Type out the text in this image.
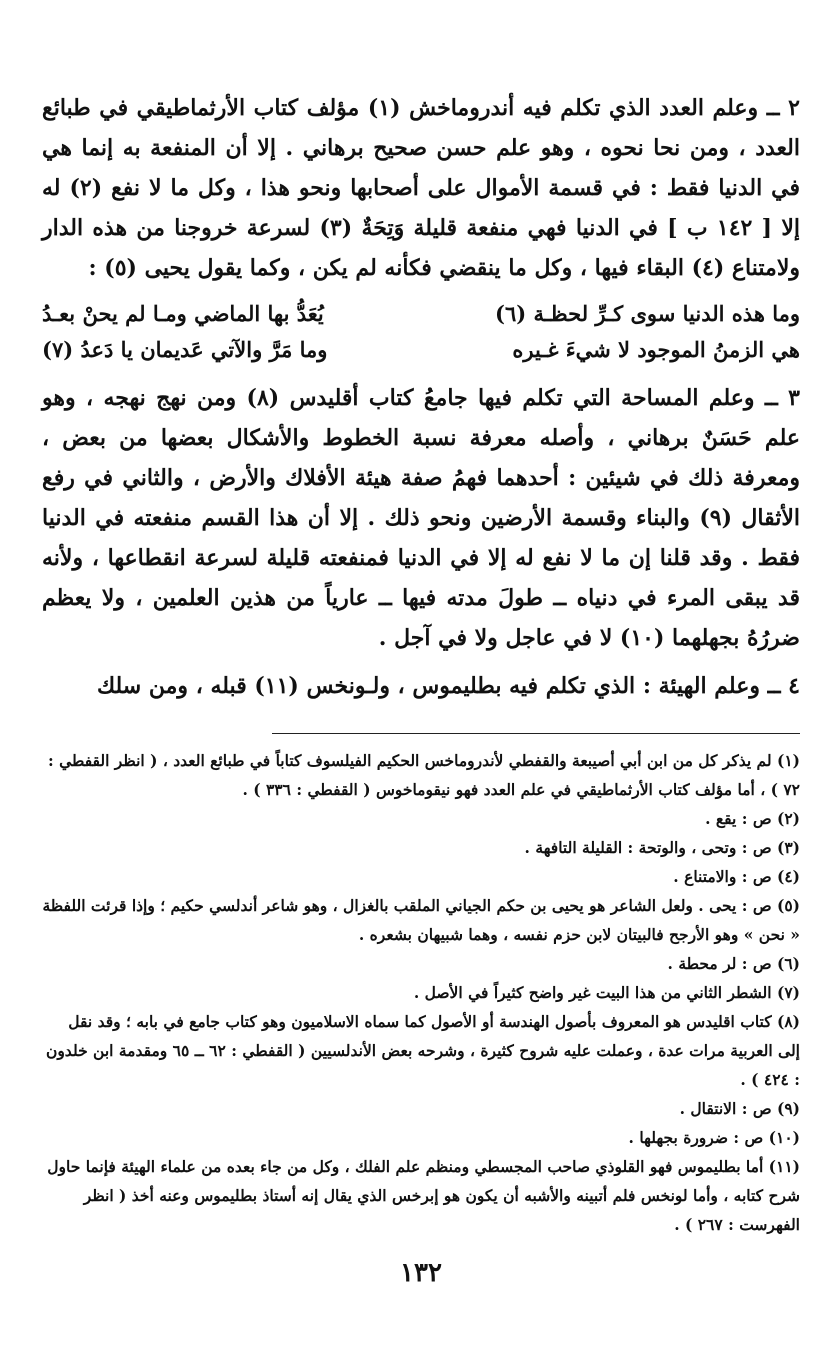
٢ ــ وعلم العدد الذي تكلم فيه أندروماخش (١) مؤلف كتاب الأرثماطيقي في طبائع العدد ، ومن نحا نحوه ، وهو علم حسن صحيح برهاني . إلا أن المنفعة به إنما هي في الدنيا فقط : في قسمة الأموال على أصحابها ونحو هذا ، وكل ما لا نفع (٢) له إلا [ ١٤٢ ب ] في الدنيا فهي منفعة قليلة وَتِحَةٌ (٣) لسرعة خروجنا من هذه الدار ولامتناع (٤) البقاء فيها ، وكل ما ينقضي فكأنه لم يكن ، وكما يقول يحيى (٥) :

وما هذه الدنيا سوى كـرِّ لحظـة (٦)
يُعَدُّ بها الماضي ومـا لم يحنْ بعـدُ
هي الزمنُ الموجود لا شيءَ غـيره
وما مَرَّ والآتي عَديمان يا دَعدُ (٧)

٣ ــ وعلم المساحة التي تكلم فيها جامعُ كتاب أقليدس (٨) ومن نهج نهجه ، وهو علم حَسَنٌ برهاني ، وأصله معرفة نسبة الخطوط والأشكال بعضها من بعض ، ومعرفة ذلك في شيئين : أحدهما فهمُ صفة هيئة الأفلاك والأرض ، والثاني في رفع الأثقال (٩) والبناء وقسمة الأرضين ونحو ذلك . إلا أن هذا القسم منفعته في الدنيا فقط . وقد قلنا إن ما لا نفع له إلا في الدنيا فمنفعته قليلة لسرعة انقطاعها ، ولأنه قد يبقى المرء في دنياه ــ طولَ مدته فيها ــ عارياً من هذين العلمين ، ولا يعظم ضررُهُ بجهلهما (١٠) لا في عاجل ولا في آجل .

٤ ــ وعلم الهيئة : الذي تكلم فيه بطليموس ، ولـونخس (١١) قبله ، ومن سلك

(١) لم يذكر كل من ابن أبي أصيبعة والقفطي لأندروماخس الحكيم الفيلسوف كتاباً في طبائع العدد ، ( انظر القفطي : ٧٢ ) ، أما مؤلف كتاب الأرثماطيقي في علم العدد فهو نيقوماخوس ( القفطي : ٣٣٦ ) .

(٢) ص : يقع .

(٣) ص : وتحى ، والوتحة : القليلة التافهة .

(٤) ص : والامتناع .

(٥) ص : يحى . ولعل الشاعر هو يحيى بن حكم الجياني الملقب بالغزال ، وهو شاعر أندلسي حكيم ؛ وإذا قرئت اللفظة « نحن » وهو الأرجح فالبيتان لابن حزم نفسه ، وهما شبيهان بشعره .

(٦) ص : لر محطة .

(٧) الشطر الثاني من هذا البيت غير واضح كثيراً في الأصل .

(٨) كتاب اقليدس هو المعروف بأصول الهندسة أو الأصول كما سماه الاسلاميون وهو كتاب جامع في بابه ؛ وقد نقل إلى العربية مرات عدة ، وعملت عليه شروح كثيرة ، وشرحه بعض الأندلسيين ( القفطي : ٦٢ ــ ٦٥ ومقدمة ابن خلدون : ٤٢٤ ) .

(٩) ص : الانتقال .

(١٠) ص : ضرورة بجهلها .

(١١) أما بطليموس فهو القلوذي صاحب المجسطي ومنظم علم الفلك ، وكل من جاء بعده من علماء الهيئة فإنما حاول شرح كتابه ، وأما لونخس فلم أتبينه والأشبه أن يكون هو إبرخس الذي يقال إنه أستاذ بطليموس وعنه أخذ ( انظر الفهرست : ٢٦٧ ) .

١٣٢
